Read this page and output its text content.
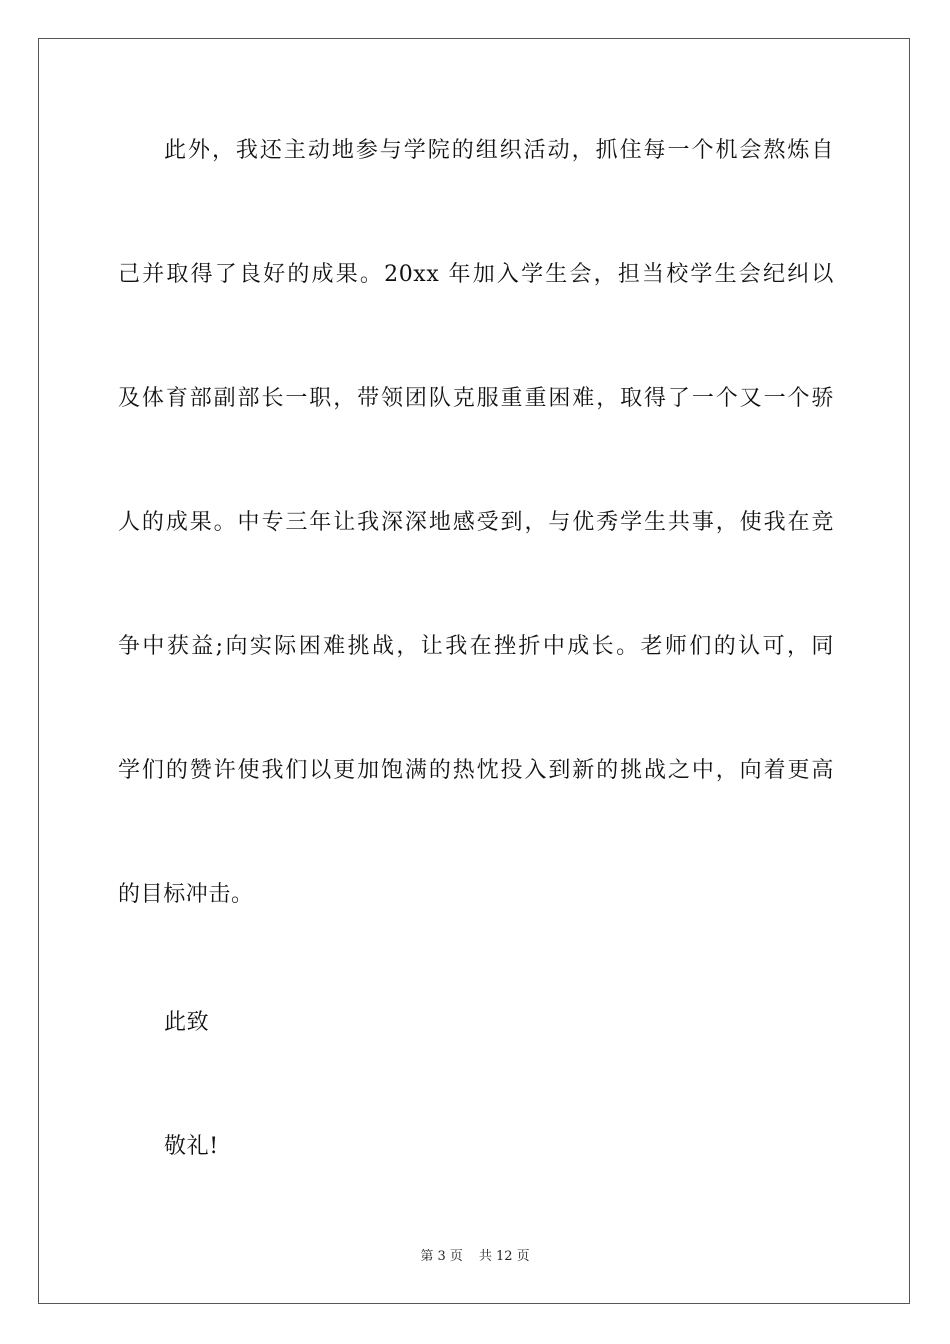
此外，我还主动地参与学院的组织活动，抓住每一个机会熬炼自
己并取得了良好的成果。20xx 年加入学生会，担当校学生会纪纠以
及体育部副部长一职，带领团队克服重重困难，取得了一个又一个骄
人的成果。中专三年让我深深地感受到，与优秀学生共事，使我在竞
争中获益;向实际困难挑战，让我在挫折中成长。老师们的认可，同
学们的赞许使我们以更加饱满的热忱投入到新的挑战之中，向着更高
的目标冲击。
此致
敬礼!
第 3 页 共 12 页
